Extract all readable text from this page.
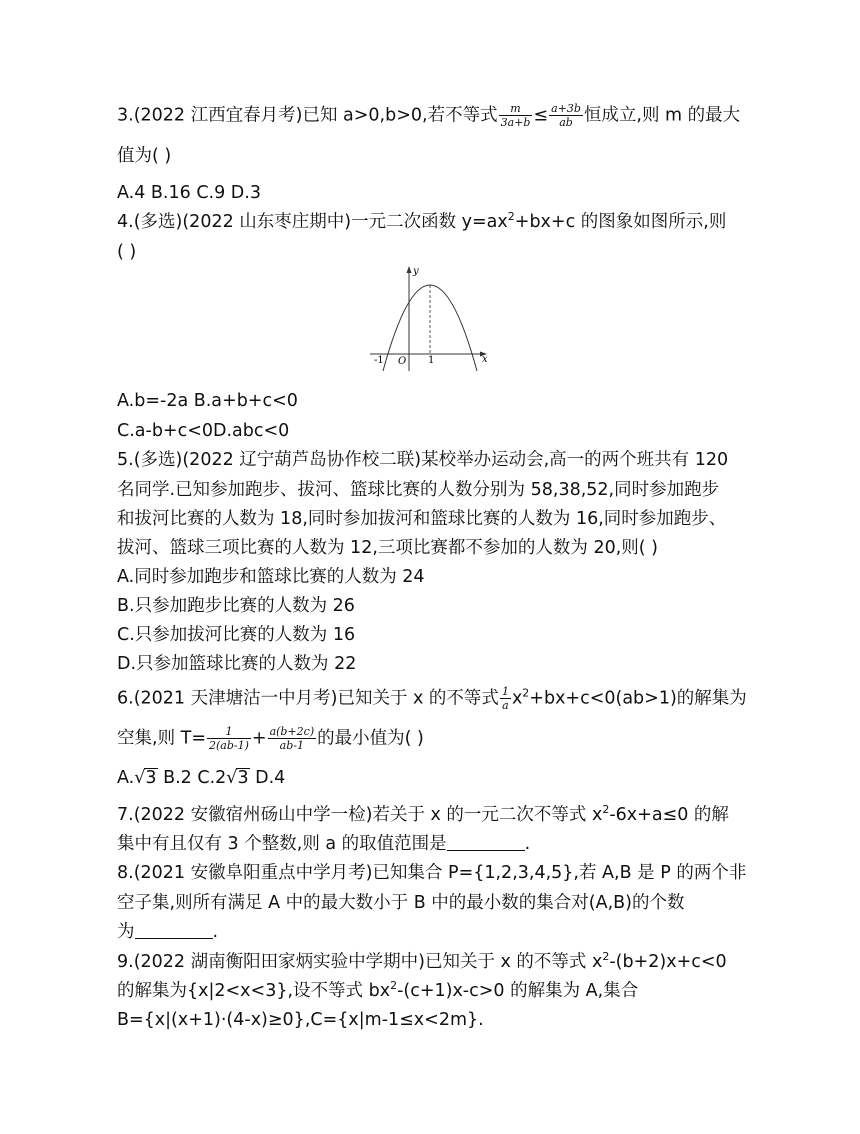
3.(2022 江西宜春月考)已知 a>0,b>0,若不等式 $\frac{m}{3a+b} \le \frac{a+3b}{ab}$ 恒成立,则 m 的最大
值为( )
A.4 B.16 C.9 D.3
4.(多选)(2022 山东枣庄期中)一元二次函数 $y=ax^2+bx+c$ 的图象如图所示,则
( )
y
x
-1 O 1
A.b=-2a B.a+b+c<0
C.a-b+c<0D.abc<0
5.(多选)(2022 辽宁葫芦岛协作校二联)某校举办运动会,高一的两个班共有 120
名同学.已知参加跑步、拔河、篮球比赛的人数分别为 58,38,52,同时参加跑步
和拔河比赛的人数为 18,同时参加拔河和篮球比赛的人数为 16,同时参加跑步、
拔河、篮球三项比赛的人数为 12,三项比赛都不参加的人数为 20,则( )
A.同时参加跑步和篮球比赛的人数为 24
B.只参加跑步比赛的人数为 26
C.只参加拔河比赛的人数为 16
D.只参加篮球比赛的人数为 22
6.(2021 天津塘沽一中月考)已知关于 x 的不等式 $\frac{1}{a} x^2+bx+c<0(ab>1)$的解集为
空集,则 $T= \frac{1}{2(ab-1)} + \frac{a(b+2c)}{ab-1}$ 的最小值为( )
A.√3 B.2 C.2√3 D.4
7.(2022 安徽宿州砀山中学一检)若关于 x 的一元二次不等式 $x^2-6x+a\le 0$ 的解
集中有且仅有 3 个整数,则 a 的取值范围是	.
8.(2021 安徽阜阳重点中学月考)已知集合 P={1,2,3,4,5},若 A,B 是 P 的两个非
空子集,则所有满足 A 中的最大数小于 B 中的最小数的集合对(A,B)的个数
为	.
9.(2022 湖南衡阳田家炳实验中学期中)已知关于 x 的不等式 $x^2-(b+2)x+c<0$
的解集为{x|2<x<3},设不等式 $bx^2-(c+1)x-c>0$ 的解集为 A,集合
B={x|(x+1)·(4-x)≥0},C={x|m-1≤x<2m}.
